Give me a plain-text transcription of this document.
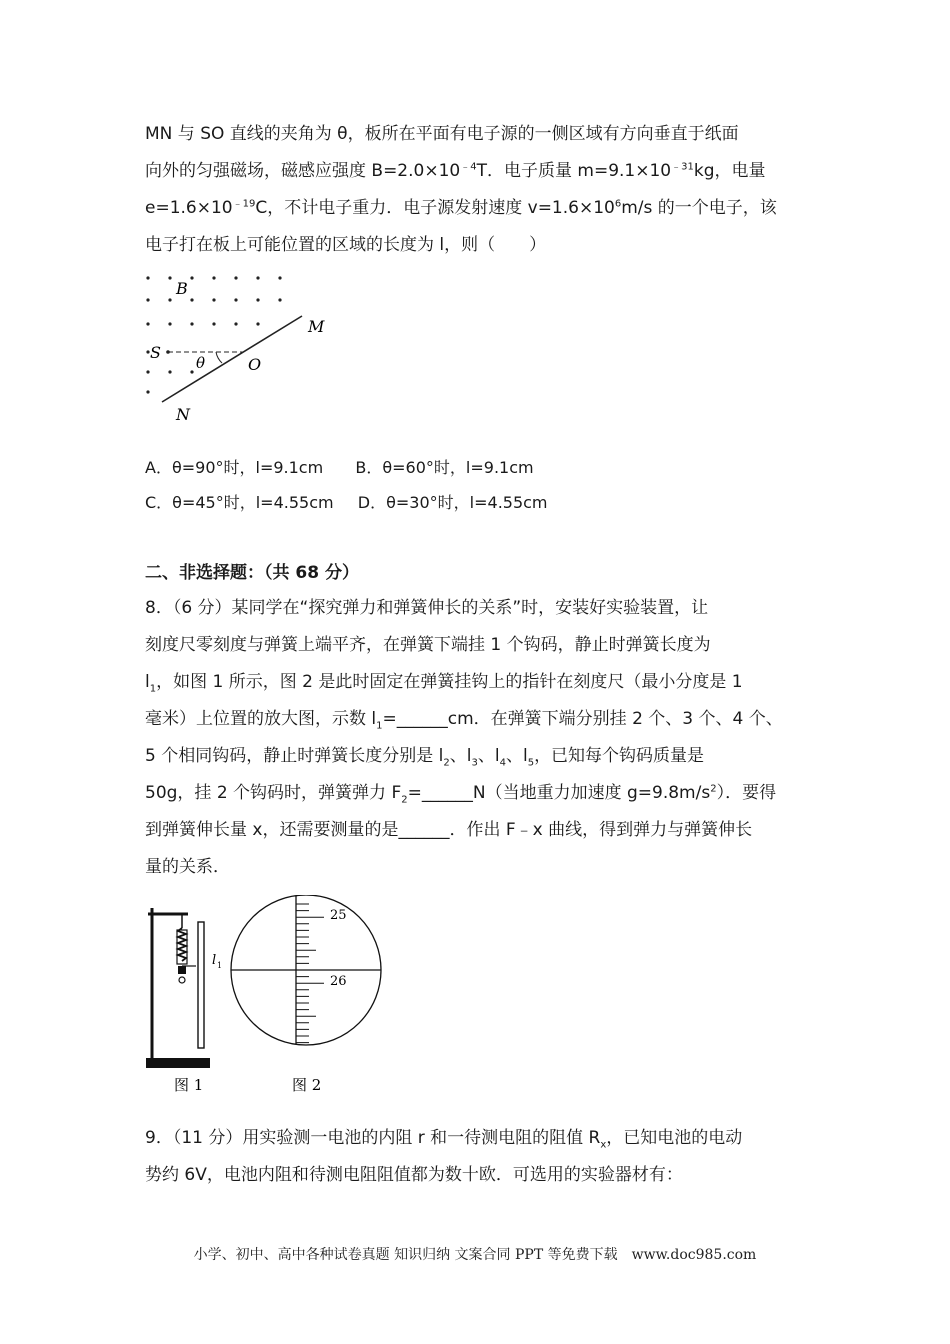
MN 与 SO 直线的夹角为 θ，板所在平面有电子源的一侧区域有方向垂直于纸面
向外的匀强磁场，磁感应强度 $B=2.0\times 10^{﹣4}T$．电子质量 $m=9.1\times 10^{﹣31}kg$，电量
$e=1.6\times 10^{﹣19}C$，不计电子重力．电子源发射速度 $v=1.6\times 10^6m/s$ 的一个电子，该
电子打在板上可能位置的区域的长度为 l，则（　　）
B
M
S
θ	O
N
A．θ=90°时，l=9.1cm B．θ=60°时，l=9.1cm
C．θ=45°时，l=4.55cm D．θ=30°时，l=4.55cm
二、非选择题：（共 68 分）
8．（6 分）某同学在“探究弹力和弹簧伸长的关系”时，安装好实验装置，让
刻度尺零刻度与弹簧上端平齐，在弹簧下端挂 1 个钩码，静止时弹簧长度为
$l_1$，如图 1 所示，图 2 是此时固定在弹簧挂钩上的指针在刻度尺（最小分度是 1
毫米）上位置的放大图，示数 $l_1=\_\_\_\_\_\_cm$．在弹簧下端分别挂 2 个、3 个、4 个、
5 个相同钩码，静止时弹簧长度分别是 $l_2$、$l_3$、$l_4$、$l_5$，已知每个钩码质量是
50g，挂 2 个钩码时，弹簧弹力 $F_2=\_\_\_\_\_\_N$（当地重力加速度 $g=9.8m/s^2$）．要得
到弹簧伸长量 x，还需要测量的是______．作出 F﹣x 曲线，得到弹力与弹簧伸长
量的关系．
l 1
图 1
25
26
图 2
9．（11 分）用实验测一电池的内阻 r 和一待测电阻的阻值 $R_x$，已知电池的电动
势约 6V，电池内阻和待测电阻阻值都为数十欧．可选用的实验器材有：
小学、初中、高中各种试卷真题 知识归纳 文案合同 PPT 等免费下载　www.doc985.com
